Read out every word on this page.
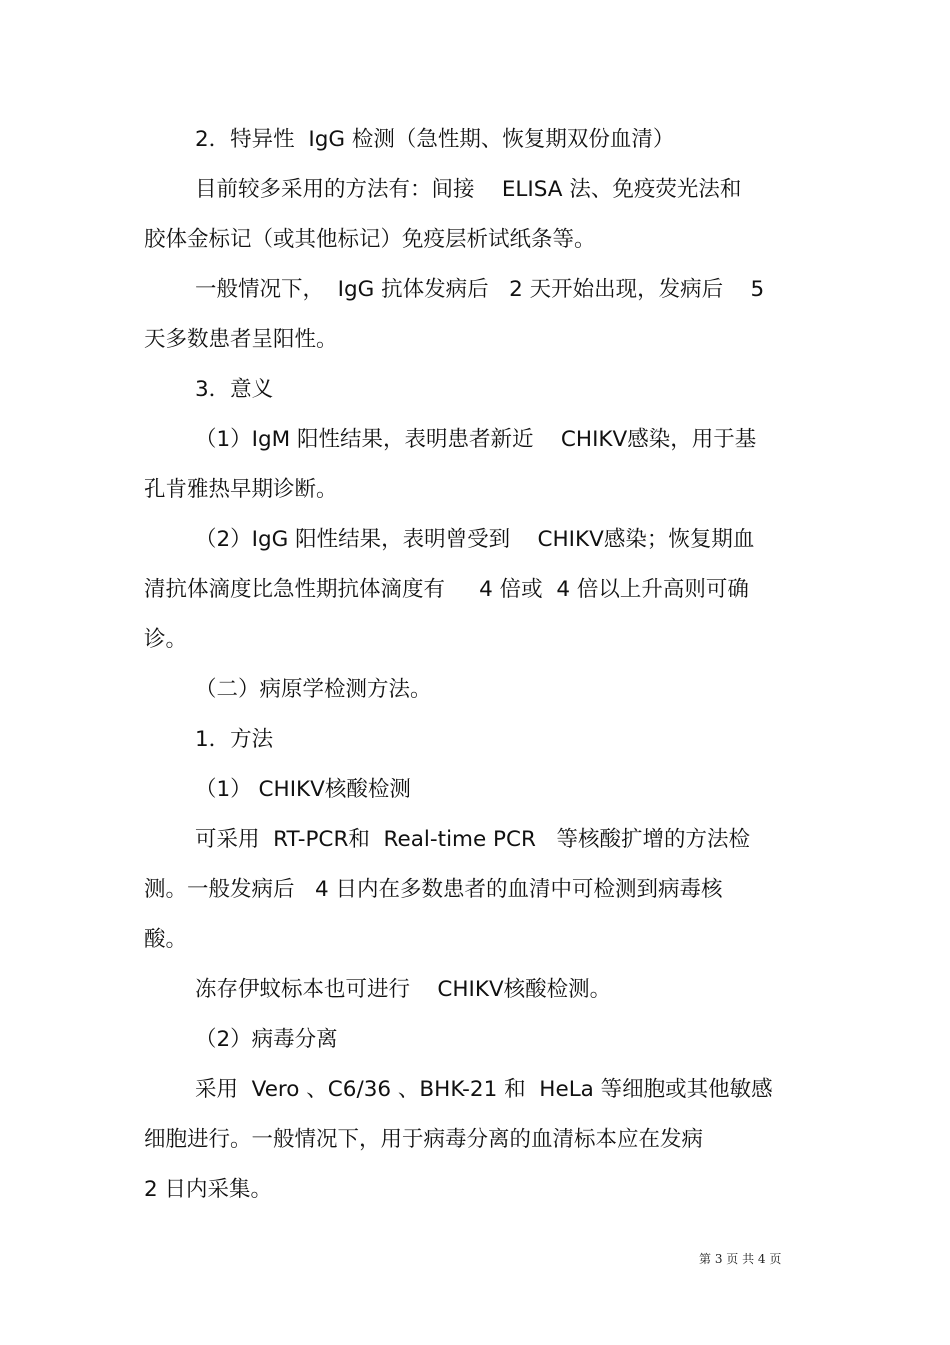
2．特异性  IgG 检测（急性期、恢复期双份血清）
目前较多采用的方法有：间接    ELISA 法、免疫荧光法和
胶体金标记（或其他标记）免疫层析试纸条等。
一般情况下，  IgG 抗体发病后   2 天开始出现，发病后    5
天多数患者呈阳性。
3．意义
（1）IgM 阳性结果，表明患者新近    CHIKV感染，用于基
孔肯雅热早期诊断。
（2）IgG 阳性结果，表明曾受到    CHIKV感染；恢复期血
清抗体滴度比急性期抗体滴度有     4 倍或  4 倍以上升高则可确
诊。
（二）病原学检测方法。
1．方法
（1） CHIKV核酸检测
可采用  RT-PCR和  Real-time PCR   等核酸扩增的方法检
测。一般发病后   4 日内在多数患者的血清中可检测到病毒核
酸。
冻存伊蚊标本也可进行    CHIKV核酸检测。
（2）病毒分离
采用  Vero 、C6/36 、BHK-21 和  HeLa 等细胞或其他敏感
细胞进行。一般情况下，用于病毒分离的血清标本应在发病
2 日内采集。
第 3 页 共 4 页
